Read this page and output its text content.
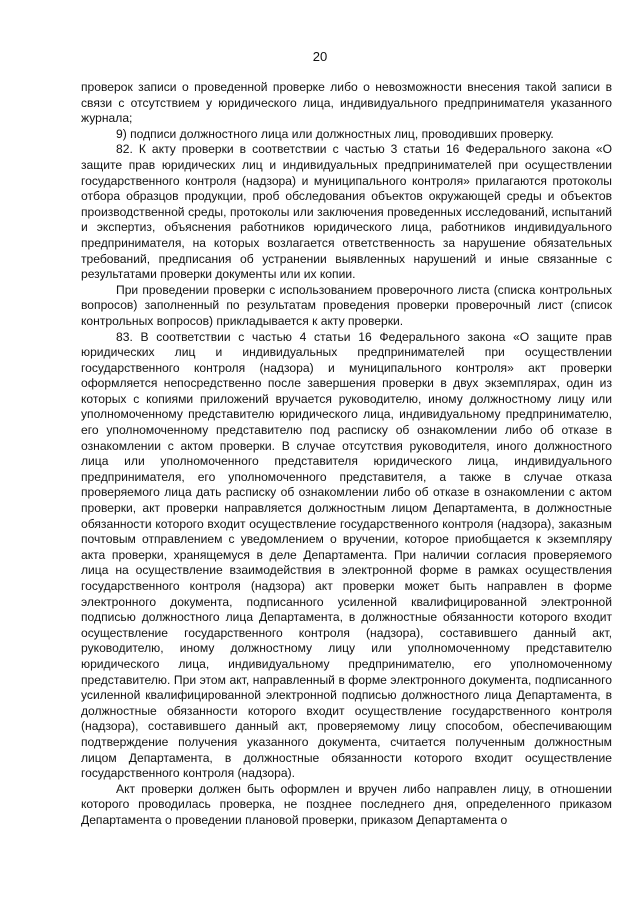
20

проверок записи о проведенной проверке либо о невозможности внесения такой записи в связи с отсутствием у юридического лица, индивидуального предпринимателя указанного журнала;

9) подписи должностного лица или должностных лиц, проводивших проверку.

82. К акту проверки в соответствии с частью 3 статьи 16 Федерального закона «О защите прав юридических лиц и индивидуальных предпринимателей при осуществлении государственного контроля (надзора) и муниципального контроля» прилагаются протоколы отбора образцов продукции, проб обследования объектов окружающей среды и объектов производственной среды, протоколы или заключения проведенных исследований, испытаний и экспертиз, объяснения работников юридического лица, работников индивидуального предпринимателя, на которых возлагается ответственность за нарушение обязательных требований, предписания об устранении выявленных нарушений и иные связанные с результатами проверки документы или их копии.

При проведении проверки с использованием проверочного листа (списка контрольных вопросов) заполненный по результатам проведения проверки проверочный лист (список контрольных вопросов) прикладывается к акту проверки.

83. В соответствии с частью 4 статьи 16 Федерального закона «О защите прав юридических лиц и индивидуальных предпринимателей при осуществлении государственного контроля (надзора) и муниципального контроля» акт проверки оформляется непосредственно после завершения проверки в двух экземплярах, один из которых с копиями приложений вручается руководителю, иному должностному лицу или уполномоченному представителю юридического лица, индивидуальному предпринимателю, его уполномоченному представителю под расписку об ознакомлении либо об отказе в ознакомлении с актом проверки. В случае отсутствия руководителя, иного должностного лица или уполномоченного представителя юридического лица, индивидуального предпринимателя, его уполномоченного представителя, а также в случае отказа проверяемого лица дать расписку об ознакомлении либо об отказе в ознакомлении с актом проверки, акт проверки направляется должностным лицом Департамента, в должностные обязанности которого входит осуществление государственного контроля (надзора), заказным почтовым отправлением с уведомлением о вручении, которое приобщается к экземпляру акта проверки, хранящемуся в деле Департамента. При наличии согласия проверяемого лица на осуществление взаимодействия в электронной форме в рамках осуществления государственного контроля (надзора) акт проверки может быть направлен в форме электронного документа, подписанного усиленной квалифицированной электронной подписью должностного лица Департамента, в должностные обязанности которого входит осуществление государственного контроля (надзора), составившего данный акт, руководителю, иному должностному лицу или уполномоченному представителю юридического лица, индивидуальному предпринимателю, его уполномоченному представителю. При этом акт, направленный в форме электронного документа, подписанного усиленной квалифицированной электронной подписью должностного лица Департамента, в должностные обязанности которого входит осуществление государственного контроля (надзора), составившего данный акт, проверяемому лицу способом, обеспечивающим подтверждение получения указанного документа, считается полученным должностным лицом Департамента, в должностные обязанности которого входит осуществление государственного контроля (надзора).

Акт проверки должен быть оформлен и вручен либо направлен лицу, в отношении которого проводилась проверка, не позднее последнего дня, определенного приказом Департамента о проведении плановой проверки, приказом Департамента о
